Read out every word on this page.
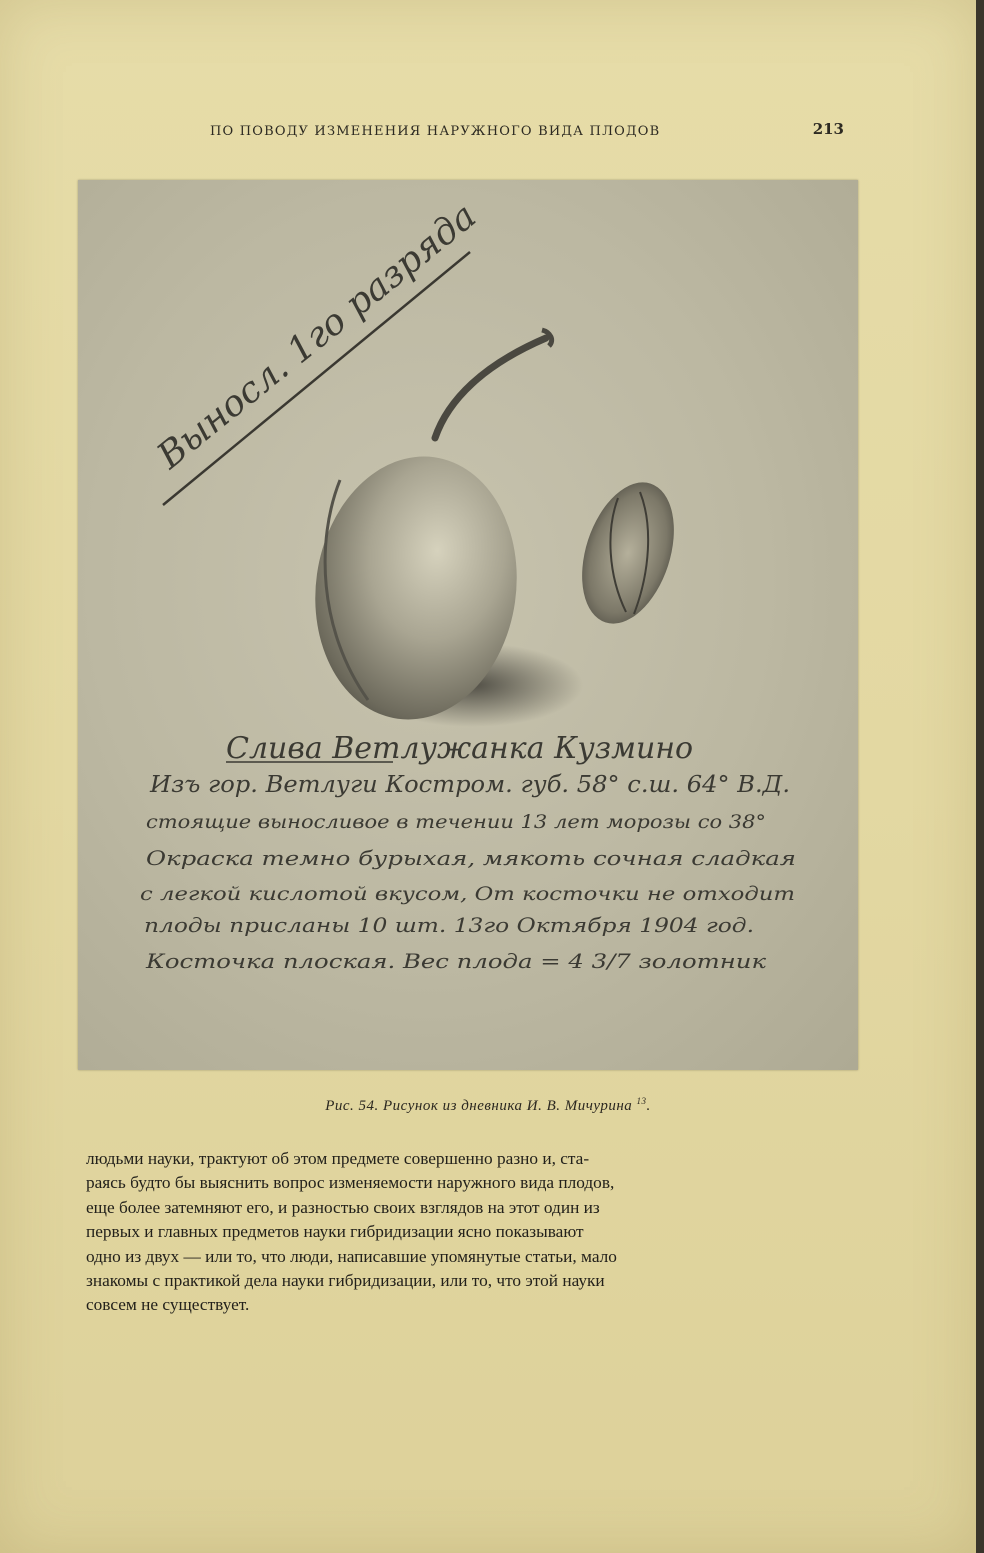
ПО ПОВОДУ ИЗМЕНЕНИЯ НАРУЖНОГО ВИДА ПЛОДОВ	213
Выносл. 1го разряда
Слива Ветлужанка Кузмино
Изъ гор. Ветлуги Костром. губ. 58° с.ш. 64° В.Д.
стоящие выносливое в течении 13 лет морозы со 38°
Окраска темно бурыхая, мякоть сочная сладкая
с легкой кислотой вкусом, От косточки не отходит
плоды присланы 10 шт. 13го Октября 1904 год.
Косточка плоская. Вес плода = 4 3/7 золотник
Рис. 54. Рисунок из дневника И. В. Мичурина $^{13}$.
людьми науки, трактуют об этом предмете совершенно разно и, ста-
раясь будто бы выяснить вопрос изменяемости наружного вида плодов,
еще более затемняют его, и разностью своих взглядов на этот один из
первых и главных предметов науки гибридизации ясно показывают
одно из двух — или то, что люди, написавшие упомянутые статьи, мало
знакомы с практикой дела науки гибридизации, или то, что этой науки
совсем не существует.
